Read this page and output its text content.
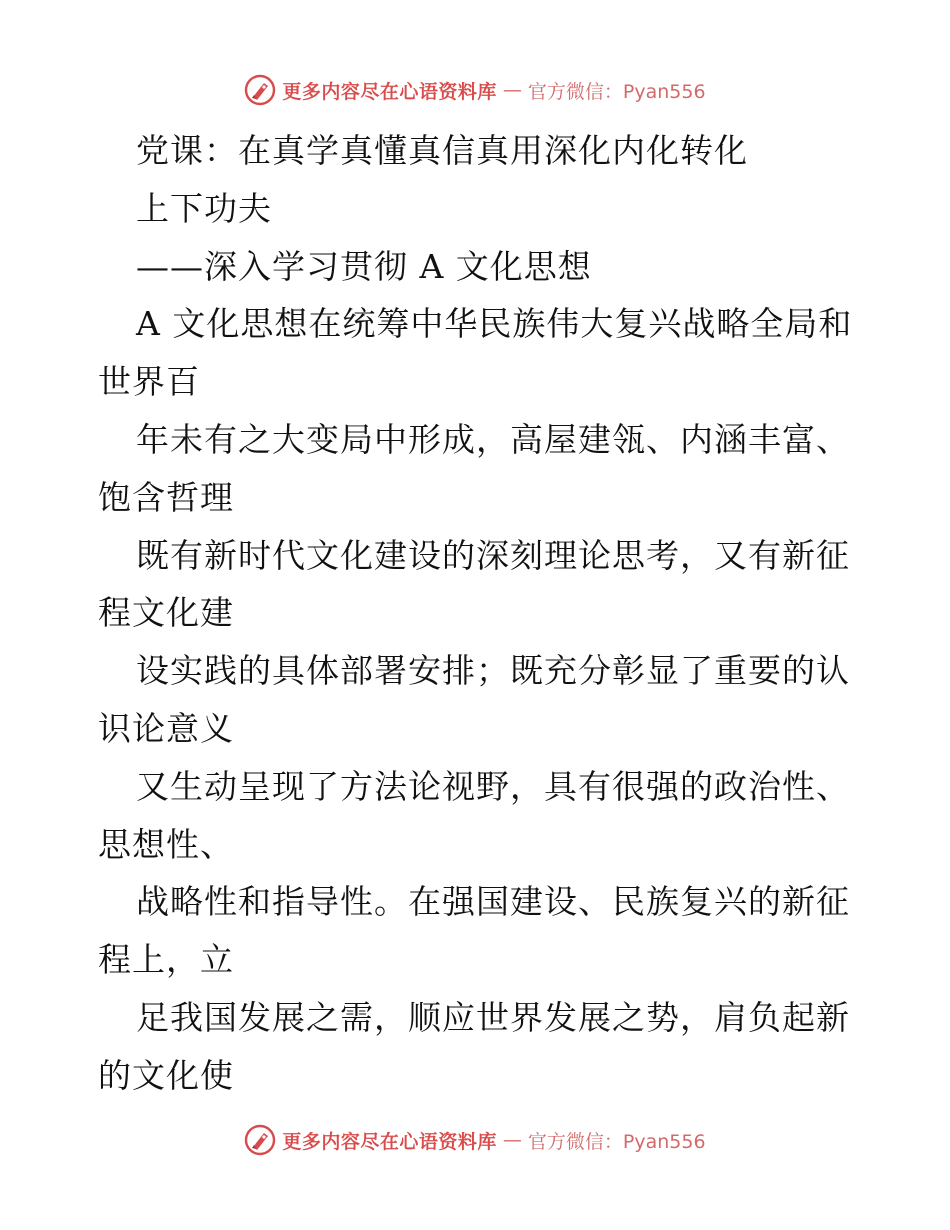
更多内容尽在心语资料库 — 官方微信：Pyan556
党课：在真学真懂真信真用深化内化转化
上下功夫
——深入学习贯彻 A 文化思想
A 文化思想在统筹中华民族伟大复兴战略全局和
世界百
年未有之大变局中形成，高屋建瓴、内涵丰富、
饱含哲理
既有新时代文化建设的深刻理论思考，又有新征
程文化建
设实践的具体部署安排；既充分彰显了重要的认
识论意义
又生动呈现了方法论视野，具有很强的政治性、
思想性、
战略性和指导性。在强国建设、民族复兴的新征
程上，立
足我国发展之需，顺应世界发展之势，肩负起新
的文化使
更多内容尽在心语资料库 — 官方微信：Pyan556
